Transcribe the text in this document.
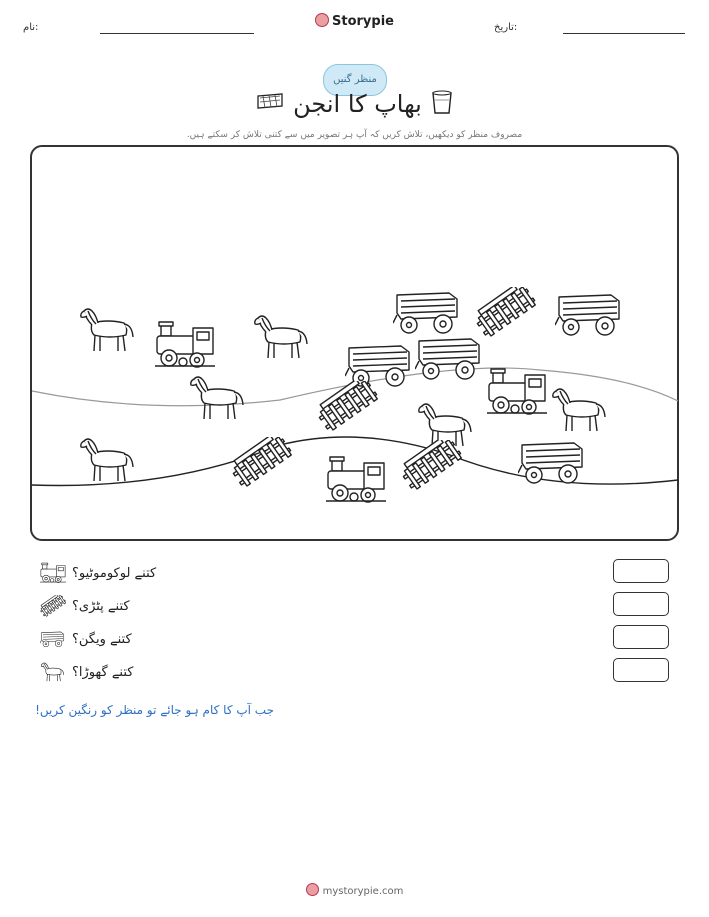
تاریخ:
نام:	Storypie
منظر گنیں
بھاپ کا انجن
مصروف منظر کو دیکھیں، تلاش کریں کہ آپ ہر تصویر میں سے کتنی تلاش کر سکتے ہیں.
کتنے لوکوموٹیو؟
کتنے پٹڑی؟
کتنے ویگن؟
کتنے گھوڑا؟
جب آپ کا کام ہو جائے تو منظر کو رنگین کریں!
mystorypie.com
